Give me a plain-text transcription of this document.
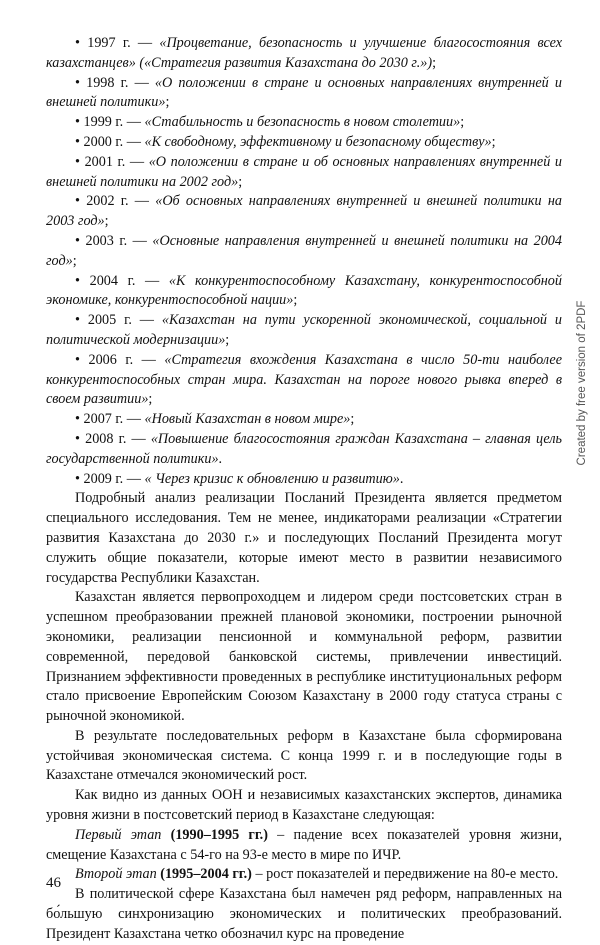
• 1997 г. — «Процветание, безопасность и улучшение благосостояния всех казахстанцев» («Стратегия развития Казахстана до 2030 г.»);
• 1998 г. — «О положении в стране и основных направлениях внутренней и внешней политики»;
• 1999 г. — «Стабильность и безопасность в новом столетии»;
• 2000 г. — «К свободному, эффективному и безопасному обществу»;
• 2001 г. — «О положении в стране и об основных направлениях внутренней и внешней политики на 2002 год»;
• 2002 г. — «Об основных направлениях внутренней и внешней политики на 2003 год»;
• 2003 г. — «Основные направления внутренней и внешней политики на 2004 год»;
• 2004 г. — «К конкурентоспособному Казахстану, конкурентоспособной экономике, конкурентоспособной нации»;
• 2005 г. — «Казахстан на пути ускоренной экономической, социальной и политической модернизации»;
• 2006 г. — «Стратегия вхождения Казахстана в число 50-ти наиболее конкурентоспособных стран мира. Казахстан на пороге нового рывка вперед в своем развитии»;
• 2007 г. — «Новый Казахстан в новом мире»;
• 2008 г. — «Повышение благосостояния граждан Казахстана – главная цель государственной политики».
• 2009 г. — « Через кризис к обновлению и развитию».
Подробный анализ реализации Посланий Президента является предметом специального исследования. Тем не менее, индикаторами реализации «Стратегии развития Казахстана до 2030 г.» и последующих Посланий Президента могут служить общие показатели, которые имеют место в развитии независимого государства Республики Казахстан.
Казахстан является первопроходцем и лидером среди постсоветских стран в успешном преобразовании прежней плановой экономики, построении рыночной экономики, реализации пенсионной и коммунальной реформ, развитии современной, передовой банковской системы, привлечении инвестиций. Признанием эффективности проведенных в республике институциональных реформ стало присвоение Европейским Союзом Казахстану в 2000 году статуса страны с рыночной экономикой.
В результате последовательных реформ в Казахстане была сформирована устойчивая экономическая система. С конца 1999 г. и в последующие годы в Казахстане отмечался экономический рост.
Как видно из данных ООН и независимых казахстанских экспертов, динамика уровня жизни в постсоветский период в Казахстане следующая:
Первый этап (1990–1995 гг.) – падение всех показателей уровня жизни, смещение Казахстана с 54-го на 93-е место в мире по ИЧР.
Второй этап (1995–2004 гг.) – рост показателей и передвижение на 80-е место.
В политической сфере Казахстана был намечен ряд реформ, направленных на бо́льшую синхронизацию экономических и политических преобразований. Президент Казахстана четко обозначил курс на проведение
46
Created by free version of 2PDF
